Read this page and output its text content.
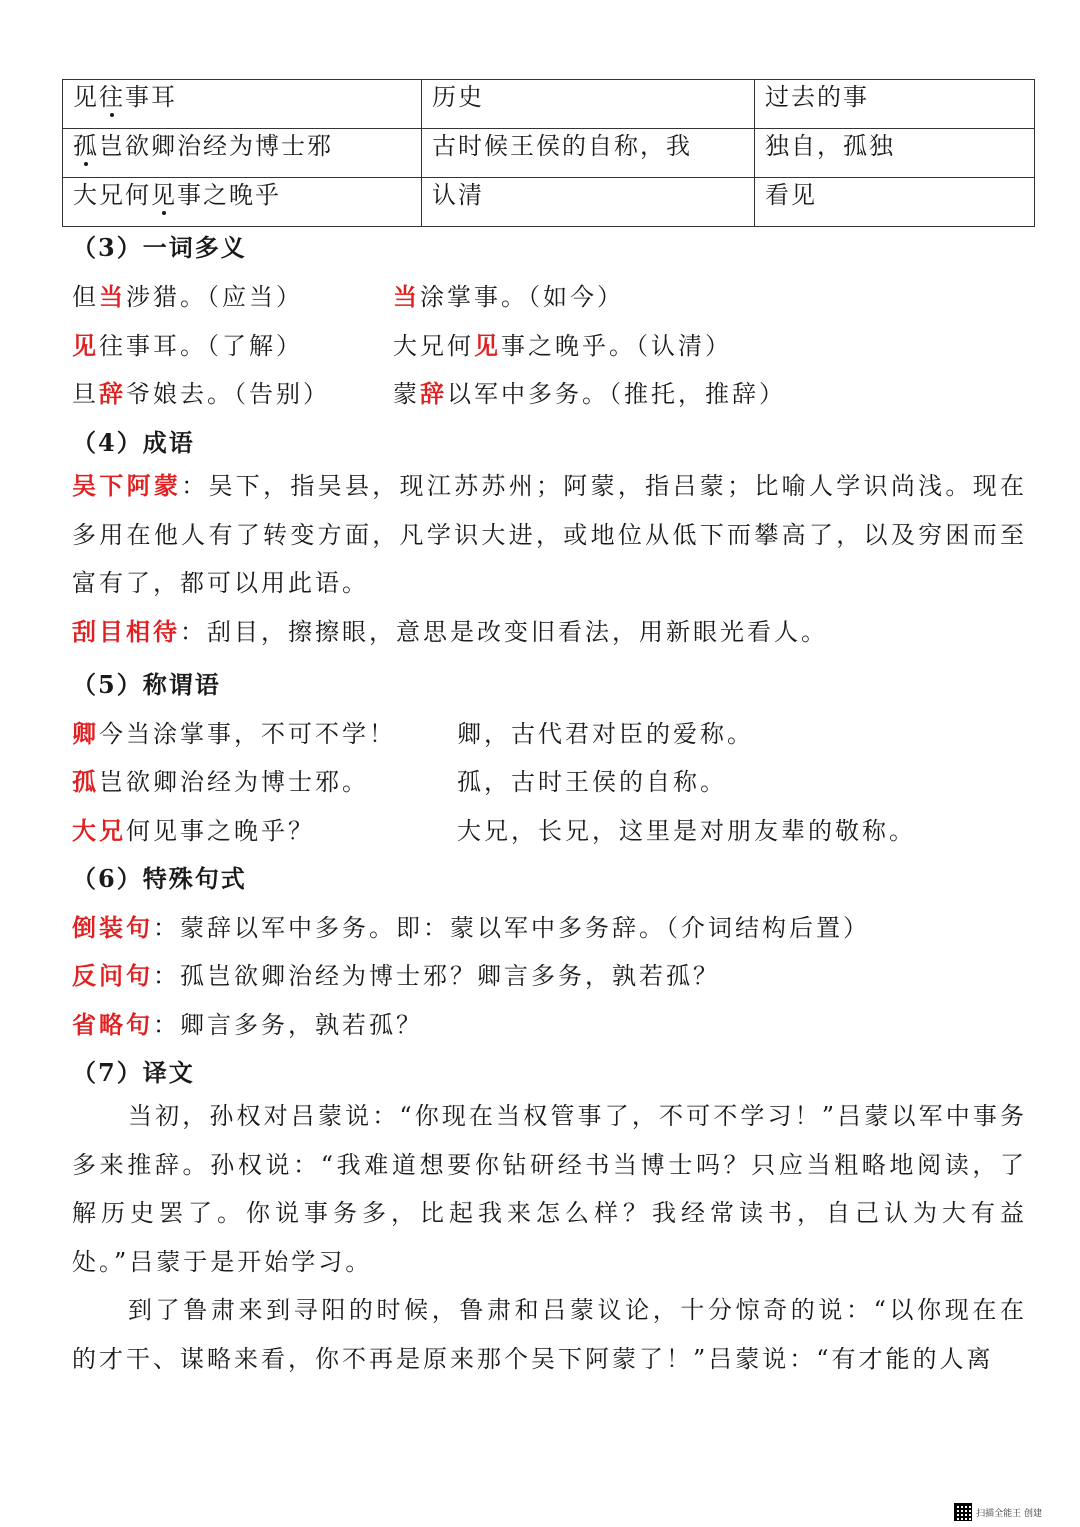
见往事耳	历史	过去的事
孤岂欲卿治经为博士邪	古时候王侯的自称，我	独自，孤独
大兄何见事之晚乎	认清	看见
（3）一词多义
但当涉猎。（应当）	当涂掌事。（如今）
见往事耳。（了解）	大兄何见事之晚乎。（认清）
旦辞爷娘去。（告别）	蒙辞以军中多务。（推托，推辞）
（4）成语
吴下阿蒙：吴下，指吴县，现江苏苏州；阿蒙，指吕蒙；比喻人学识尚浅。现在多用在他人有了转变方面，凡学识大进，或地位从低下而攀高了，以及穷困而至富有了，都可以用此语。
刮目相待：刮目，擦擦眼，意思是改变旧看法，用新眼光看人。
（5）称谓语
卿今当涂掌事，不可不学！	卿，古代君对臣的爱称。
孤岂欲卿治经为博士邪。	孤，古时王侯的自称。
大兄何见事之晚乎？	大兄，长兄，这里是对朋友辈的敬称。
（6）特殊句式
倒装句：蒙辞以军中多务。即：蒙以军中多务辞。（介词结构后置）
反问句：孤岂欲卿治经为博士邪？卿言多务，孰若孤？
省略句：卿言多务，孰若孤？
（7）译文
当初，孙权对吕蒙说：“你现在当权管事了，不可不学习！”吕蒙以军中事务多来推辞。孙权说：“我难道想要你钻研经书当博士吗？只应当粗略地阅读，了解历史罢了。你说事务多，比起我来怎么样？我经常读书，自己认为大有益处。”吕蒙于是开始学习。
到了鲁肃来到寻阳的时候，鲁肃和吕蒙议论，十分惊奇的说：“以你现在在的才干、谋略来看，你不再是原来那个吴下阿蒙了！”吕蒙说：“有才能的人离
扫描全能王 创建
